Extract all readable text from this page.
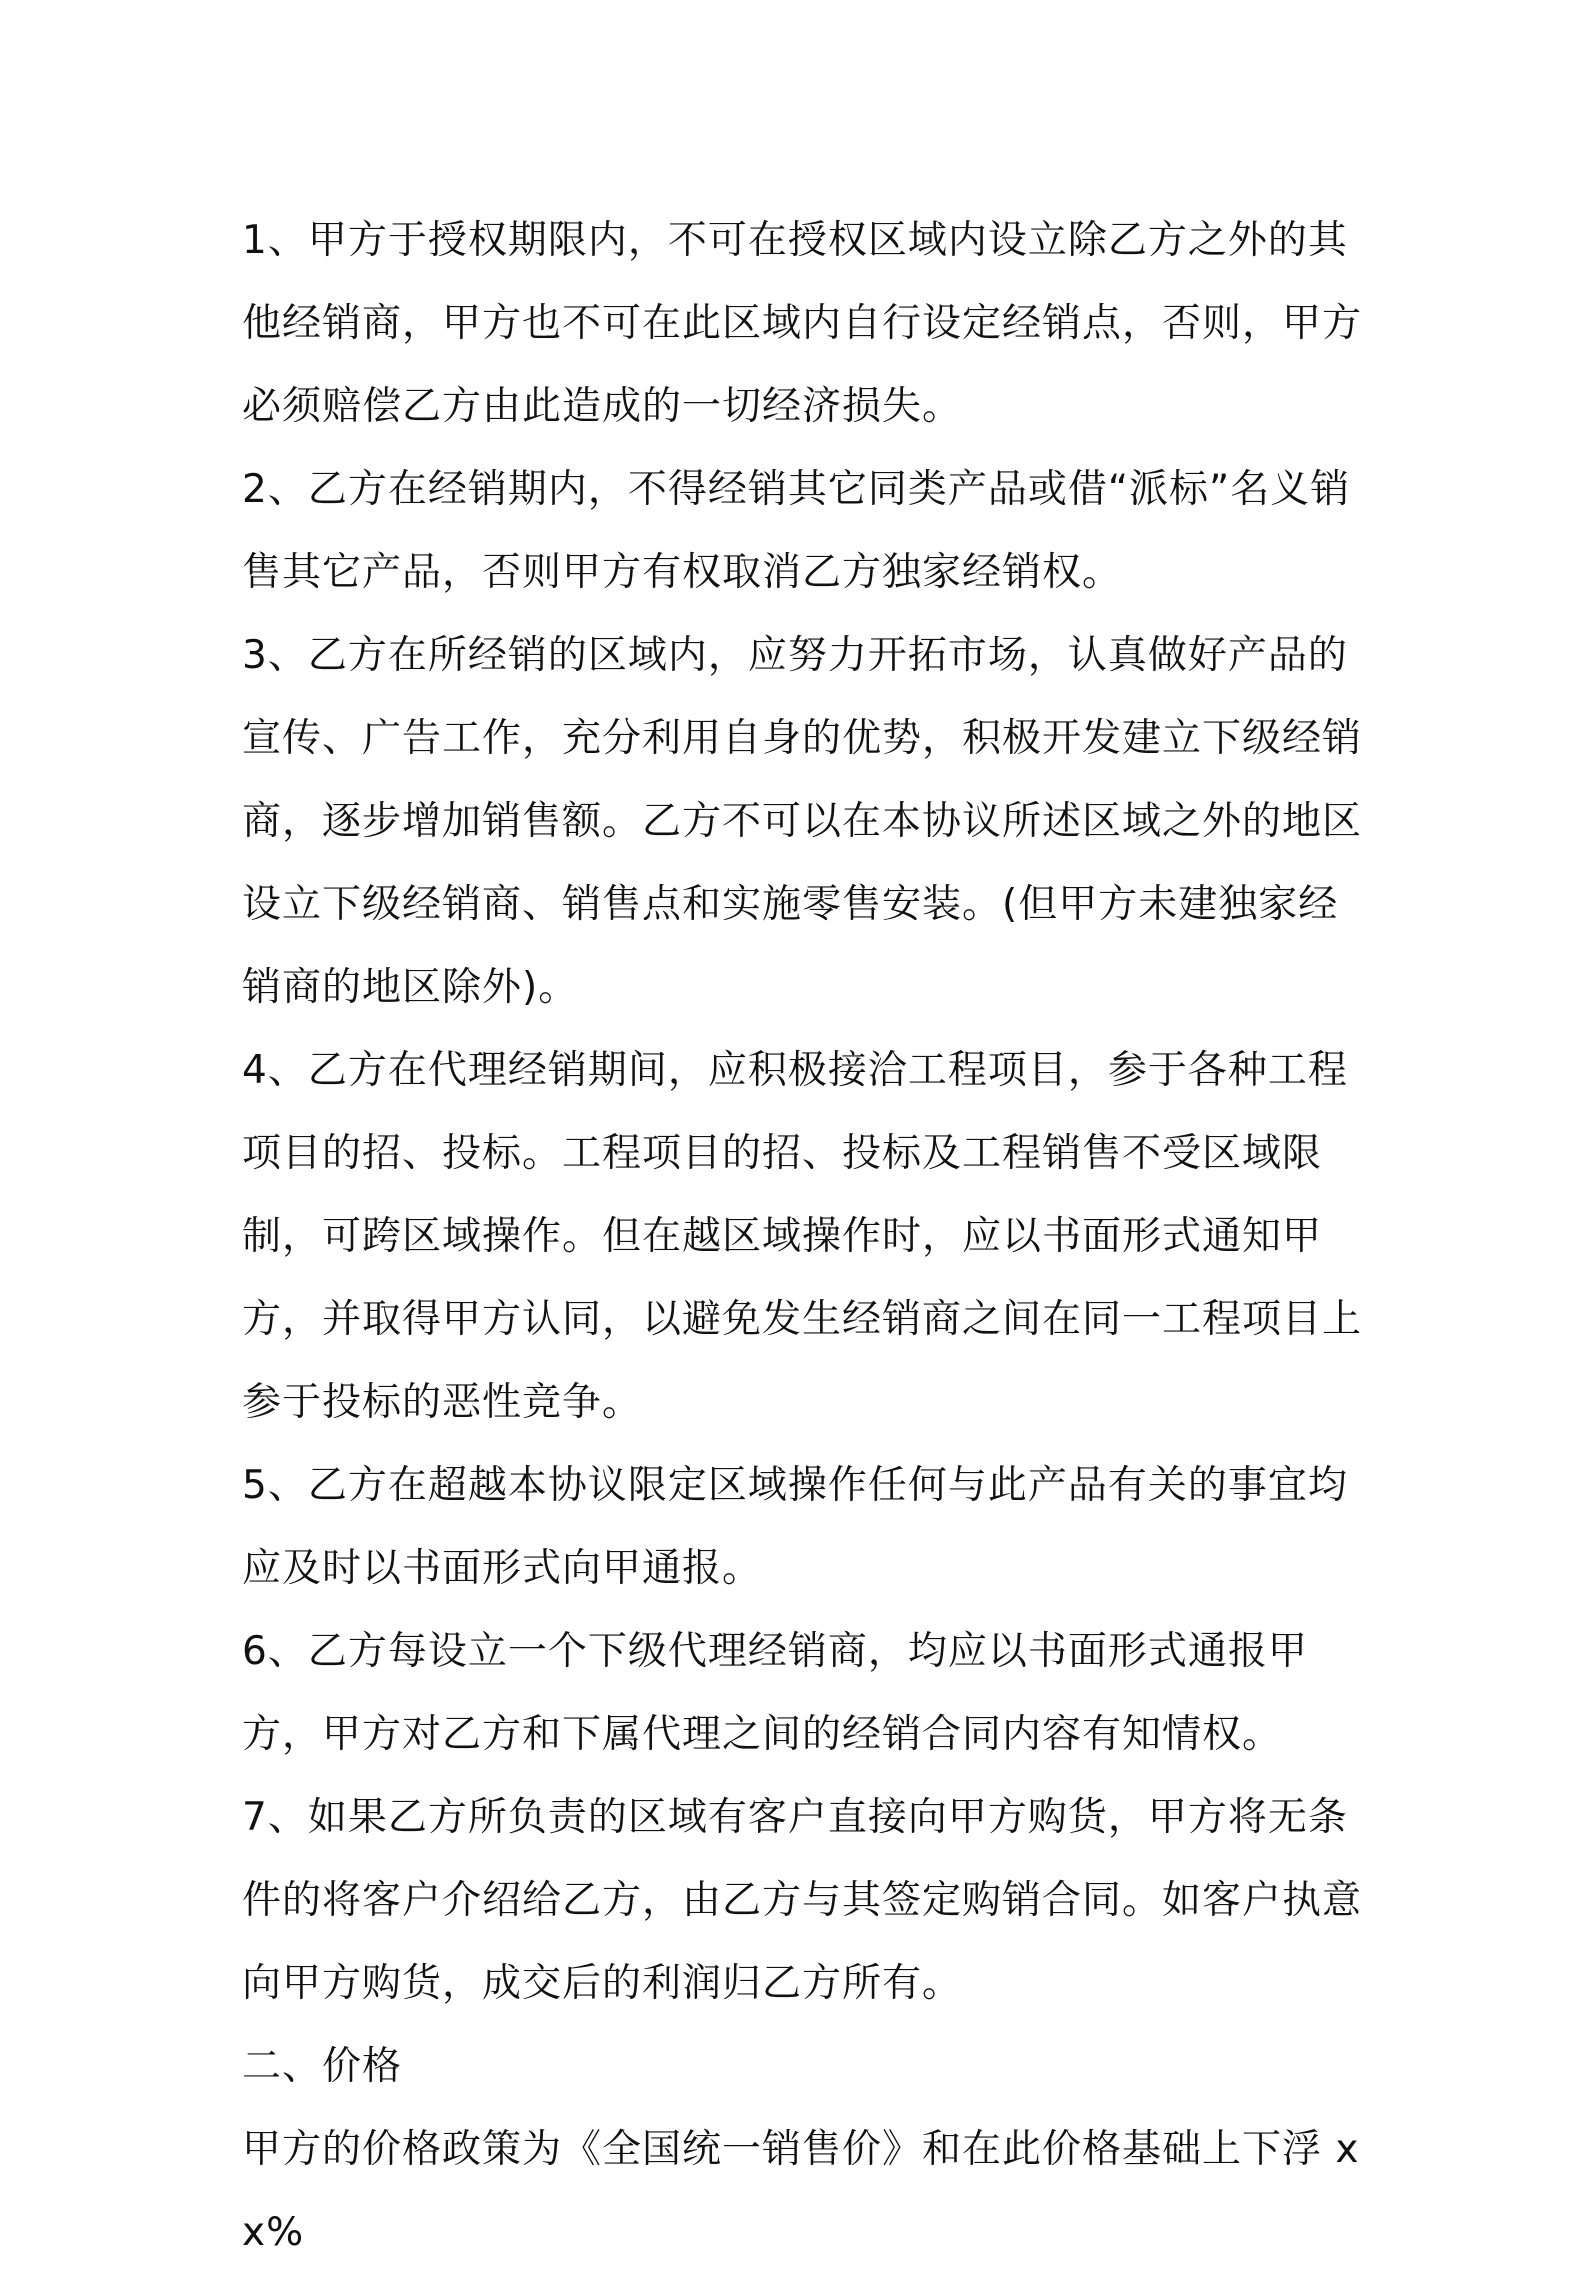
1、甲方于授权期限内，不可在授权区域内设立除乙方之外的其他经销商，甲方也不可在此区域内自行设定经销点，否则，甲方必须赔偿乙方由此造成的一切经济损失。

2、乙方在经销期内，不得经销其它同类产品或借“派标”名义销售其它产品，否则甲方有权取消乙方独家经销权。

3、乙方在所经销的区域内，应努力开拓市场，认真做好产品的宣传、广告工作，充分利用自身的优势，积极开发建立下级经销商，逐步增加销售额。乙方不可以在本协议所述区域之外的地区设立下级经销商、销售点和实施零售安装。(但甲方未建独家经销商的地区除外)。

4、乙方在代理经销期间，应积极接洽工程项目，参于各种工程项目的招、投标。工程项目的招、投标及工程销售不受区域限制，可跨区域操作。但在越区域操作时，应以书面形式通知甲方，并取得甲方认同，以避免发生经销商之间在同一工程项目上参于投标的恶性竞争。

5、乙方在超越本协议限定区域操作任何与此产品有关的事宜均应及时以书面形式向甲通报。

6、乙方每设立一个下级代理经销商，均应以书面形式通报甲方，甲方对乙方和下属代理之间的经销合同内容有知情权。

7、如果乙方所负责的区域有客户直接向甲方购货，甲方将无条件的将客户介绍给乙方，由乙方与其签定购销合同。如客户执意向甲方购货，成交后的利润归乙方所有。

二、价格

甲方的价格政策为《全国统一销售价》和在此价格基础上下浮 xx%
